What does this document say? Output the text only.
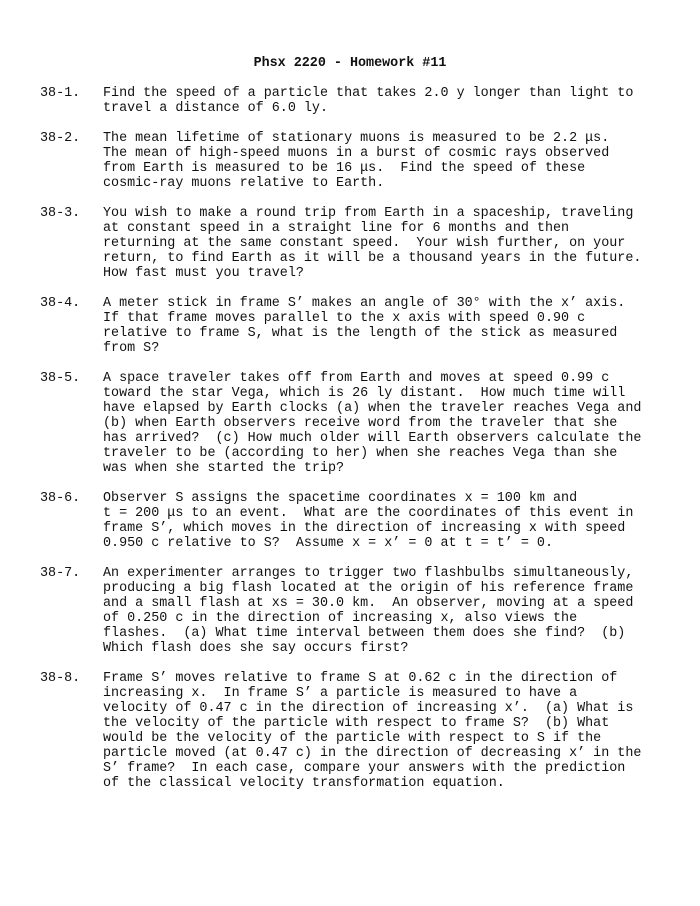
Phsx 2220 - Homework #11
38-1.	Find the speed of a particle that takes 2.0 y longer than light to
travel a distance of 6.0 ly.
38-2.	The mean lifetime of stationary muons is measured to be 2.2 μs.
The mean of high-speed muons in a burst of cosmic rays observed
from Earth is measured to be 16 μs.  Find the speed of these
cosmic-ray muons relative to Earth.
38-3.	You wish to make a round trip from Earth in a spaceship, traveling
at constant speed in a straight line for 6 months and then
returning at the same constant speed.  Your wish further, on your
return, to find Earth as it will be a thousand years in the future.
How fast must you travel?
38-4.	A meter stick in frame S’ makes an angle of 30° with the x’ axis.
If that frame moves parallel to the x axis with speed 0.90 c
relative to frame S, what is the length of the stick as measured
from S?
38-5.	A space traveler takes off from Earth and moves at speed 0.99 c
toward the star Vega, which is 26 ly distant.  How much time will
have elapsed by Earth clocks (a) when the traveler reaches Vega and
(b) when Earth observers receive word from the traveler that she
has arrived?  (c) How much older will Earth observers calculate the
traveler to be (according to her) when she reaches Vega than she
was when she started the trip?
38-6.	Observer S assigns the spacetime coordinates x = 100 km and
t = 200 μs to an event.  What are the coordinates of this event in
frame S’, which moves in the direction of increasing x with speed
0.950 c relative to S?  Assume x = x’ = 0 at t = t’ = 0.
38-7.	An experimenter arranges to trigger two flashbulbs simultaneously,
producing a big flash located at the origin of his reference frame
and a small flash at xs = 30.0 km.  An observer, moving at a speed
of 0.250 c in the direction of increasing x, also views the
flashes.  (a) What time interval between them does she find?  (b)
Which flash does she say occurs first?
38-8.	Frame S’ moves relative to frame S at 0.62 c in the direction of
increasing x.  In frame S’ a particle is measured to have a
velocity of 0.47 c in the direction of increasing x’.  (a) What is
the velocity of the particle with respect to frame S?  (b) What
would be the velocity of the particle with respect to S if the
particle moved (at 0.47 c) in the direction of decreasing x’ in the
S’ frame?  In each case, compare your answers with the prediction
of the classical velocity transformation equation.
